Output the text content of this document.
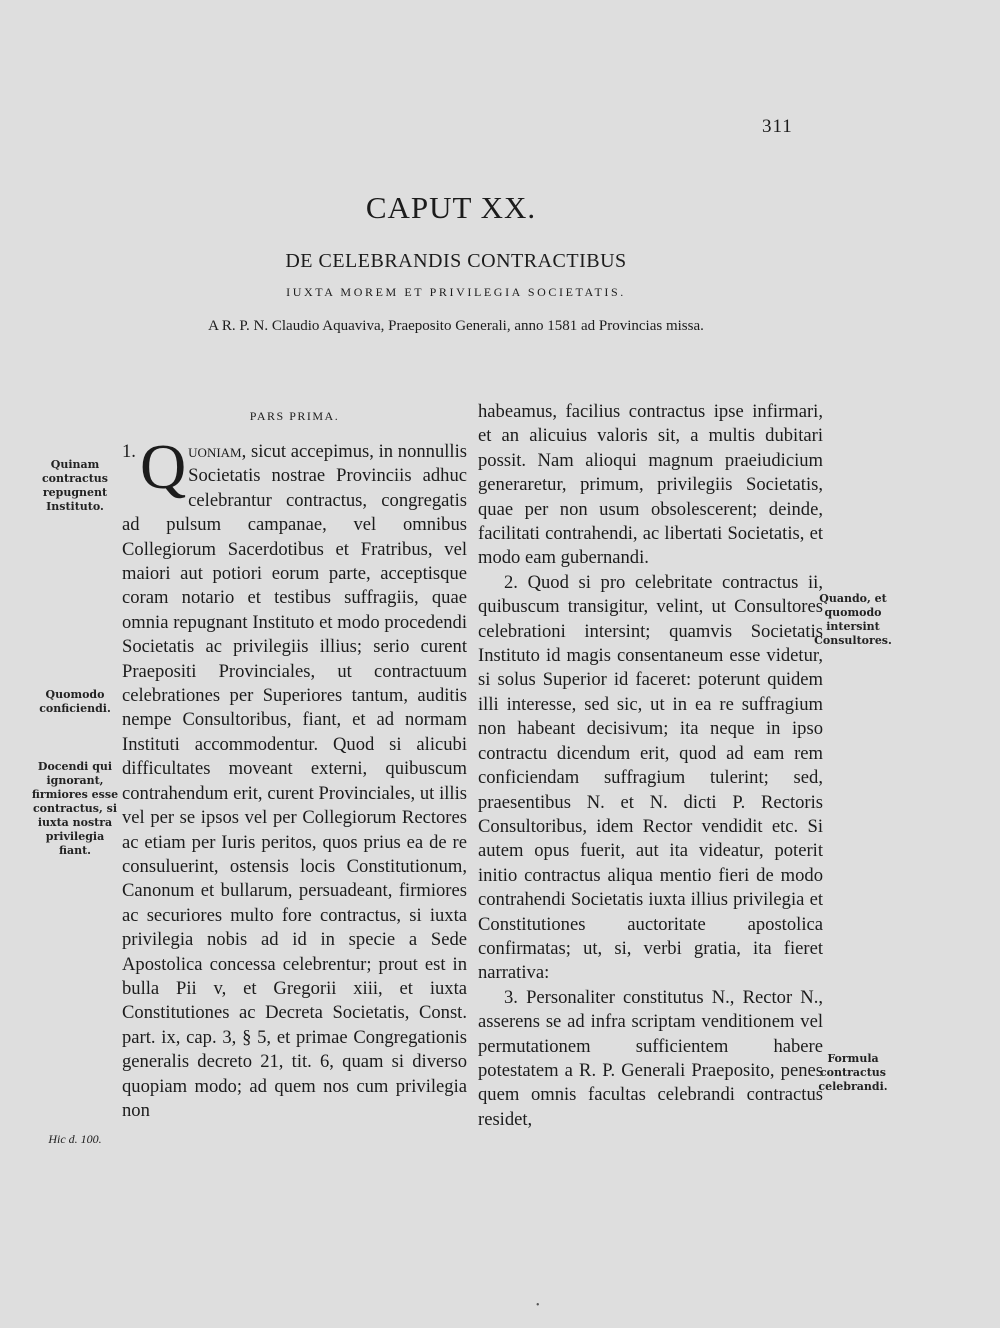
311
CAPUT XX.
DE CELEBRANDIS CONTRACTIBUS
IUXTA MOREM ET PRIVILEGIA SOCIETATIS.
A R. P. N. Claudio Aquaviva, Praeposito Generali, anno 1581 ad Provincias missa.
PARS PRIMA.
1. Q uoniam, sicut accepimus, in nonnullis Societatis nostrae Provinciis adhuc celebrantur contractus, congregatis ad pulsum campanae, vel omnibus Collegiorum Sacerdotibus et Fratribus, vel maiori aut potiori eorum parte, acceptisque coram notario et testibus suffragiis, quae omnia repugnant Instituto et modo procedendi Societatis ac privilegiis illius; serio curent Praepositi Provinciales, ut contractuum celebrationes per Superiores tantum, auditis nempe Consultoribus, fiant, et ad normam Instituti accommodentur. Quod si alicubi difficultates moveant externi, quibuscum contrahendum erit, curent Provinciales, ut illis vel per se ipsos vel per Collegiorum Rectores ac etiam per Iuris peritos, quos prius ea de re consuluerint, ostensis locis Constitutionum, Canonum et bullarum, persuadeant, firmiores ac securiores multo fore contractus, si iuxta privilegia nobis ad id in specie a Sede Apostolica concessa celebrentur; prout est in bulla Pii v, et Gregorii xiii, et iuxta Constitutiones ac Decreta Societatis, Const. part. ix, cap. 3, § 5, et primae Congregationis generalis decreto 21, tit. 6, quam si diverso quopiam modo; ad quem nos cum privilegia non
habeamus, facilius contractus ipse infirmari, et an alicuius valoris sit, a multis dubitari possit. Nam alioqui magnum praeiudicium generaretur, primum, privilegiis Societatis, quae per non usum obsolescerent; deinde, facilitati contrahendi, ac libertati Societatis, et modo eam gubernandi.
2. Quod si pro celebritate contractus ii, quibuscum transigitur, velint, ut Consultores celebrationi intersint; quamvis Societatis Instituto id magis consentaneum esse videtur, si solus Superior id faceret: poterunt quidem illi interesse, sed sic, ut in ea re suffragium non habeant decisivum; ita neque in ipso contractu dicendum erit, quod ad eam rem conficiendam suffragium tulerint; sed, praesentibus N. et N. dicti P. Rectoris Consultoribus, idem Rector vendidit etc. Si autem opus fuerit, aut ita videatur, poterit initio contractus aliqua mentio fieri de modo contrahendi Societatis iuxta illius privilegia et Constitutiones auctoritate apostolica confirmatas; ut, si, verbi gratia, ita fieret narrativa:
3. Personaliter constitutus N., Rector N., asserens se ad infra scriptam venditionem vel permutationem sufficientem habere potestatem a R. P. Generali Praeposito, penes quem omnis facultas celebrandi contractus residet,
Quinam contractus repugnent Instituto.
Quomodo conficiendi.
Docendi qui ignorant, firmiores esse contractus, si iuxta nostra privilegia fiant.
Hic d. 100.
Quando, et quomodo intersint Consultores.
Formula contractus celebrandi.
•
